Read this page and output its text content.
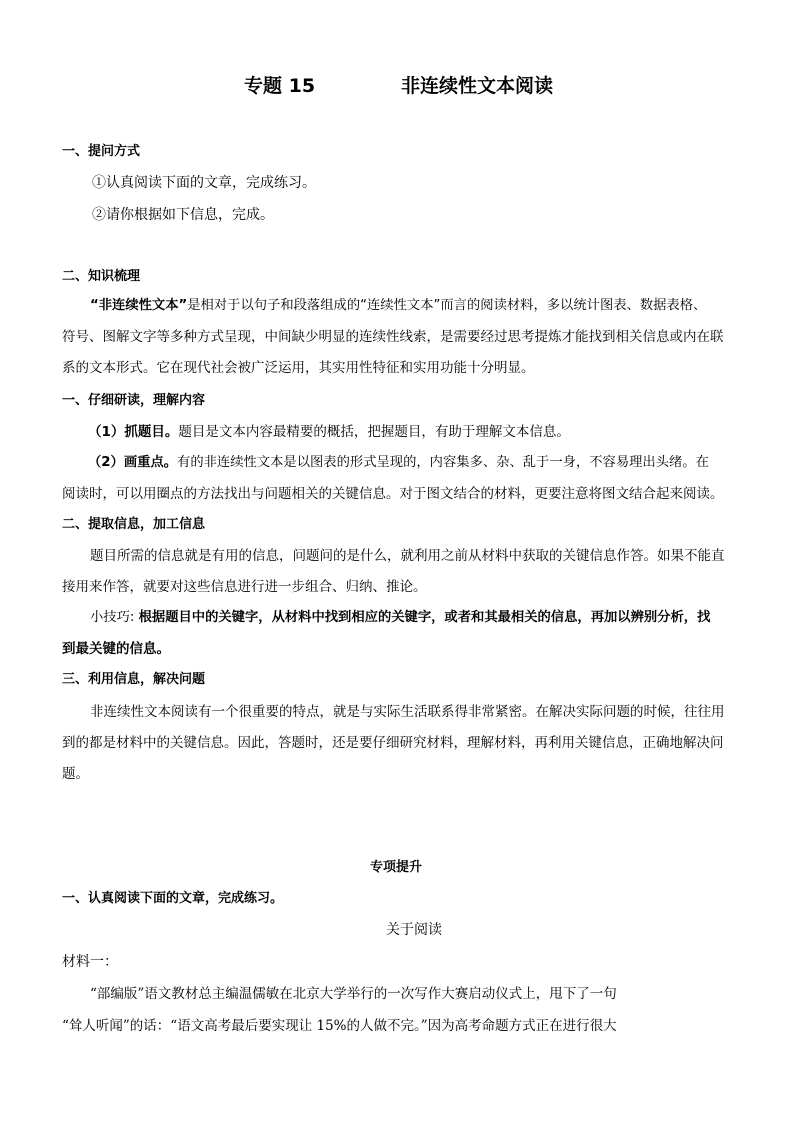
专题 15	非连续性文本阅读
一、提问方式
①认真阅读下面的文章，完成练习。
②请你根据如下信息，完成。
二、知识梳理
“非连续性文本”是相对于以句子和段落组成的“连续性文本”而言的阅读材料，多以统计图表、数据表格、
符号、图解文字等多种方式呈现，中间缺少明显的连续性线索，是需要经过思考提炼才能找到相关信息或内在联
系的文本形式。它在现代社会被广泛运用，其实用性特征和实用功能十分明显。
一、仔细研读，理解内容
（1）抓题目。题目是文本内容最精要的概括，把握题目，有助于理解文本信息。
（2）画重点。有的非连续性文本是以图表的形式呈现的，内容集多、杂、乱于一身，不容易理出头绪。在
阅读时，可以用圈点的方法找出与问题相关的关键信息。对于图文结合的材料，更要注意将图文结合起来阅读。
二、提取信息，加工信息
题目所需的信息就是有用的信息，问题问的是什么，就利用之前从材料中获取的关键信息作答。如果不能直
接用来作答，就要对这些信息进行进一步组合、归纳、推论。
小技巧: 根据题目中的关键字，从材料中找到相应的关键字，或者和其最相关的信息，再加以辨别分析，找
到最关键的信息。
三、利用信息，解决问题
非连续性文本阅读有一个很重要的特点，就是与实际生活联系得非常紧密。在解决实际问题的时候，往往用
到的都是材料中的关键信息。因此，答题时，还是要仔细研究材料，理解材料，再利用关键信息，正确地解决问
题。
专项提升
一、认真阅读下面的文章，完成练习。
关于阅读
材料一：
“部编版”语文教材总主编温儒敏在北京大学举行的一次写作大赛启动仪式上，甩下了一句
“耸人听闻”的话：“语文高考最后要实现让 15%的人做不完。”因为高考命题方式正在进行很大
